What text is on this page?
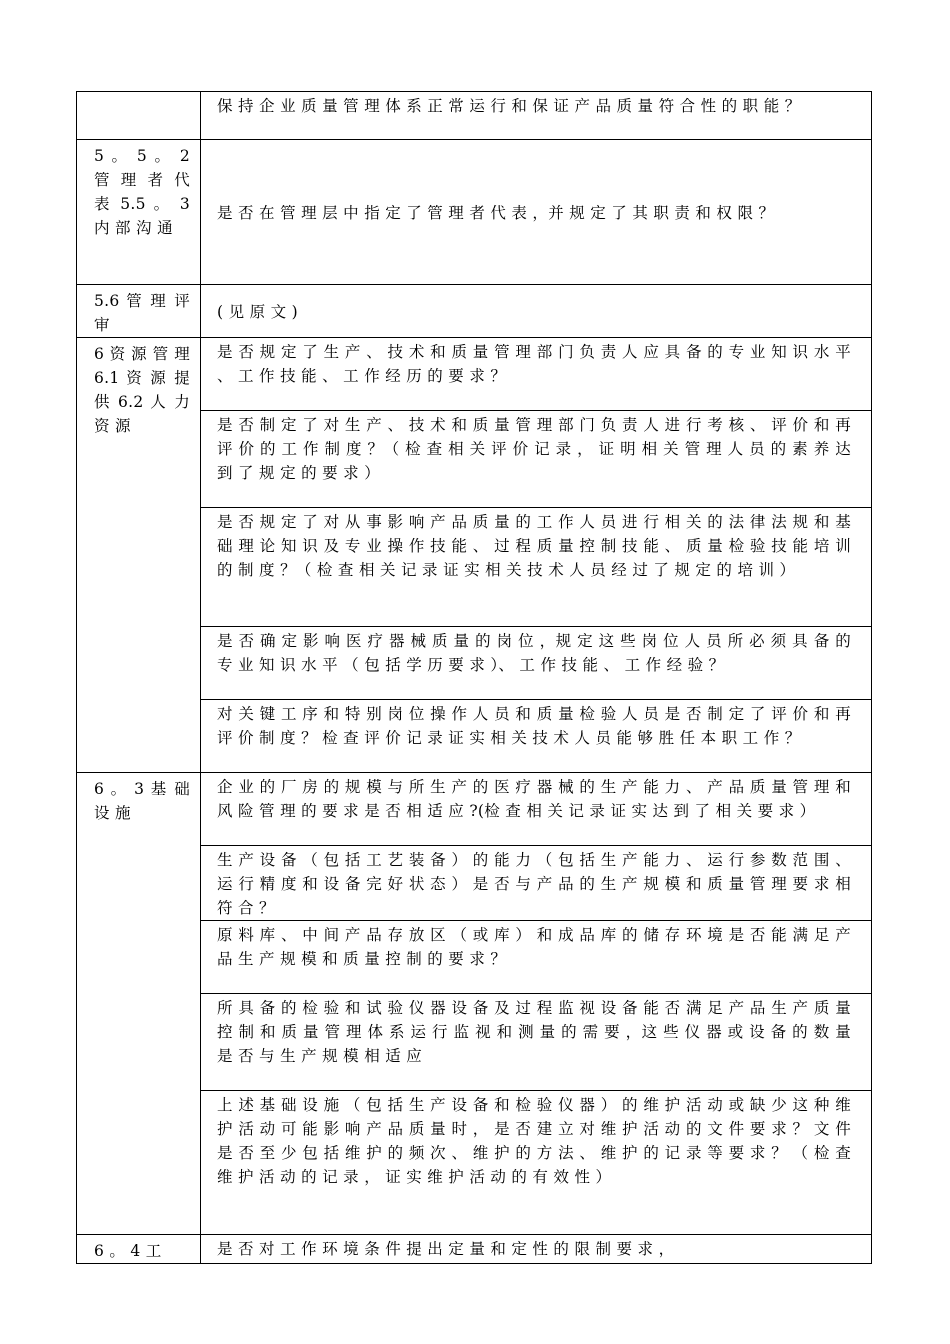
	保 持 企 业 质 量 管 理 体 系 正 常 运 行 和 保 证 产 品 质 量 符 合 性 的 职 能 ？

5 。 5 。 2 管 理 者 代 表 5.5 。 3 内 部 沟 通	是 否 在 管 理 层 中 指 定 了 管 理 者 代 表 ，并 规 定 了 其 职 责 和 权 限 ？

5.6 管 理 评 审	( 见 原 文 )

6 资 源 管 理 6.1 资 源 提 供 6.2 人 力 资 源	是 否 规 定 了 生 产 、 技 术 和 质 量 管 理 部 门 负 责 人 应 具 备 的 专 业 知 识 水 平 、 工 作 技 能 、 工 作 经 历 的 要 求 ？

	是 否 制 定 了 对 生 产 、 技 术 和 质 量 管 理 部 门 负 责 人 进 行 考 核 、 评 价 和 再 评 价 的 工 作 制 度 ？（ 检 查 相 关 评 价 记 录 ， 证 明 相 关 管 理 人 员 的 素 养 达 到 了 规 定 的 要 求 ）

	是 否 规 定 了 对 从 事 影 响 产 品 质 量 的 工 作 人 员 进 行 相 关 的 法 律 法 规 和 基 础 理 论 知 识 及 专 业 操 作 技 能 、 过 程 质 量 控 制 技 能 、 质 量 检 验 技 能 培 训 的 制 度 ？（ 检 查 相 关 记 录 证 实 相 关 技 术 人 员 经 过 了 规 定 的 培 训 ）

	是 否 确 定 影 响 医 疗 器 械 质 量 的 岗 位 ，规 定 这 些 岗 位 人 员 所 必 须 具 备 的 专 业 知 识 水 平 （ 包 括 学 历 要 求 ）、 工 作 技 能 、 工 作 经 验 ？

	对 关 键 工 序 和 特 别 岗 位 操 作 人 员 和 质 量 检 验 人 员 是 否 制 定 了 评 价 和 再 评 价 制 度 ？ 检 查 评 价 记 录 证 实 相 关 技 术 人 员 能 够 胜 任 本 职 工 作 ？

6 。 3 基 础 设 施	企 业 的 厂 房 的 规 模 与 所 生 产 的 医 疗 器 械 的 生 产 能 力 、 产 品 质 量 管 理 和 风 险 管 理 的 要 求 是 否 相 适 应 ?(检 查 相 关 记 录 证 实 达 到 了 相 关 要 求 ）

	生 产 设 备 （ 包 括 工 艺 装 备 ） 的 能 力 （ 包 括 生 产 能 力 、 运 行 参 数 范 围 、 运 行 精 度 和 设 备 完 好 状 态 ） 是 否 与 产 品 的 生 产 规 模 和 质 量 管 理 要 求 相 符 合 ？

	原 料 库 、 中 间 产 品 存 放 区 （ 或 库 ） 和 成 品 库 的 储 存 环 境 是 否 能 满 足 产 品 生 产 规 模 和 质 量 控 制 的 要 求 ？

	所 具 备 的 检 验 和 试 验 仪 器 设 备 及 过 程 监 视 设 备 能 否 满 足 产 品 生 产 质 量 控 制 和 质 量 管 理 体 系 运 行 监 视 和 测 量 的 需 要 ，这 些 仪 器 或 设 备 的 数 量 是 否 与 生 产 规 模 相 适 应

	上 述 基 础 设 施 （ 包 括 生 产 设 备 和 检 验 仪 器 ） 的 维 护 活 动 或 缺 少 这 种 维 护 活 动 可 能 影 响 产 品 质 量 时 ， 是 否 建 立 对 维 护 活 动 的 文 件 要 求 ？ 文 件 是 否 至 少 包 括 维 护 的 频 次 、 维 护 的 方 法 、 维 护 的 记 录 等 要 求 ？ （ 检 查 维 护 活 动 的 记 录 ， 证 实 维 护 活 动 的 有 效 性 ）

6 。 4 工	是 否 对 工 作 环 境 条 件 提 出 定 量 和 定 性 的 限 制 要 求 ，
